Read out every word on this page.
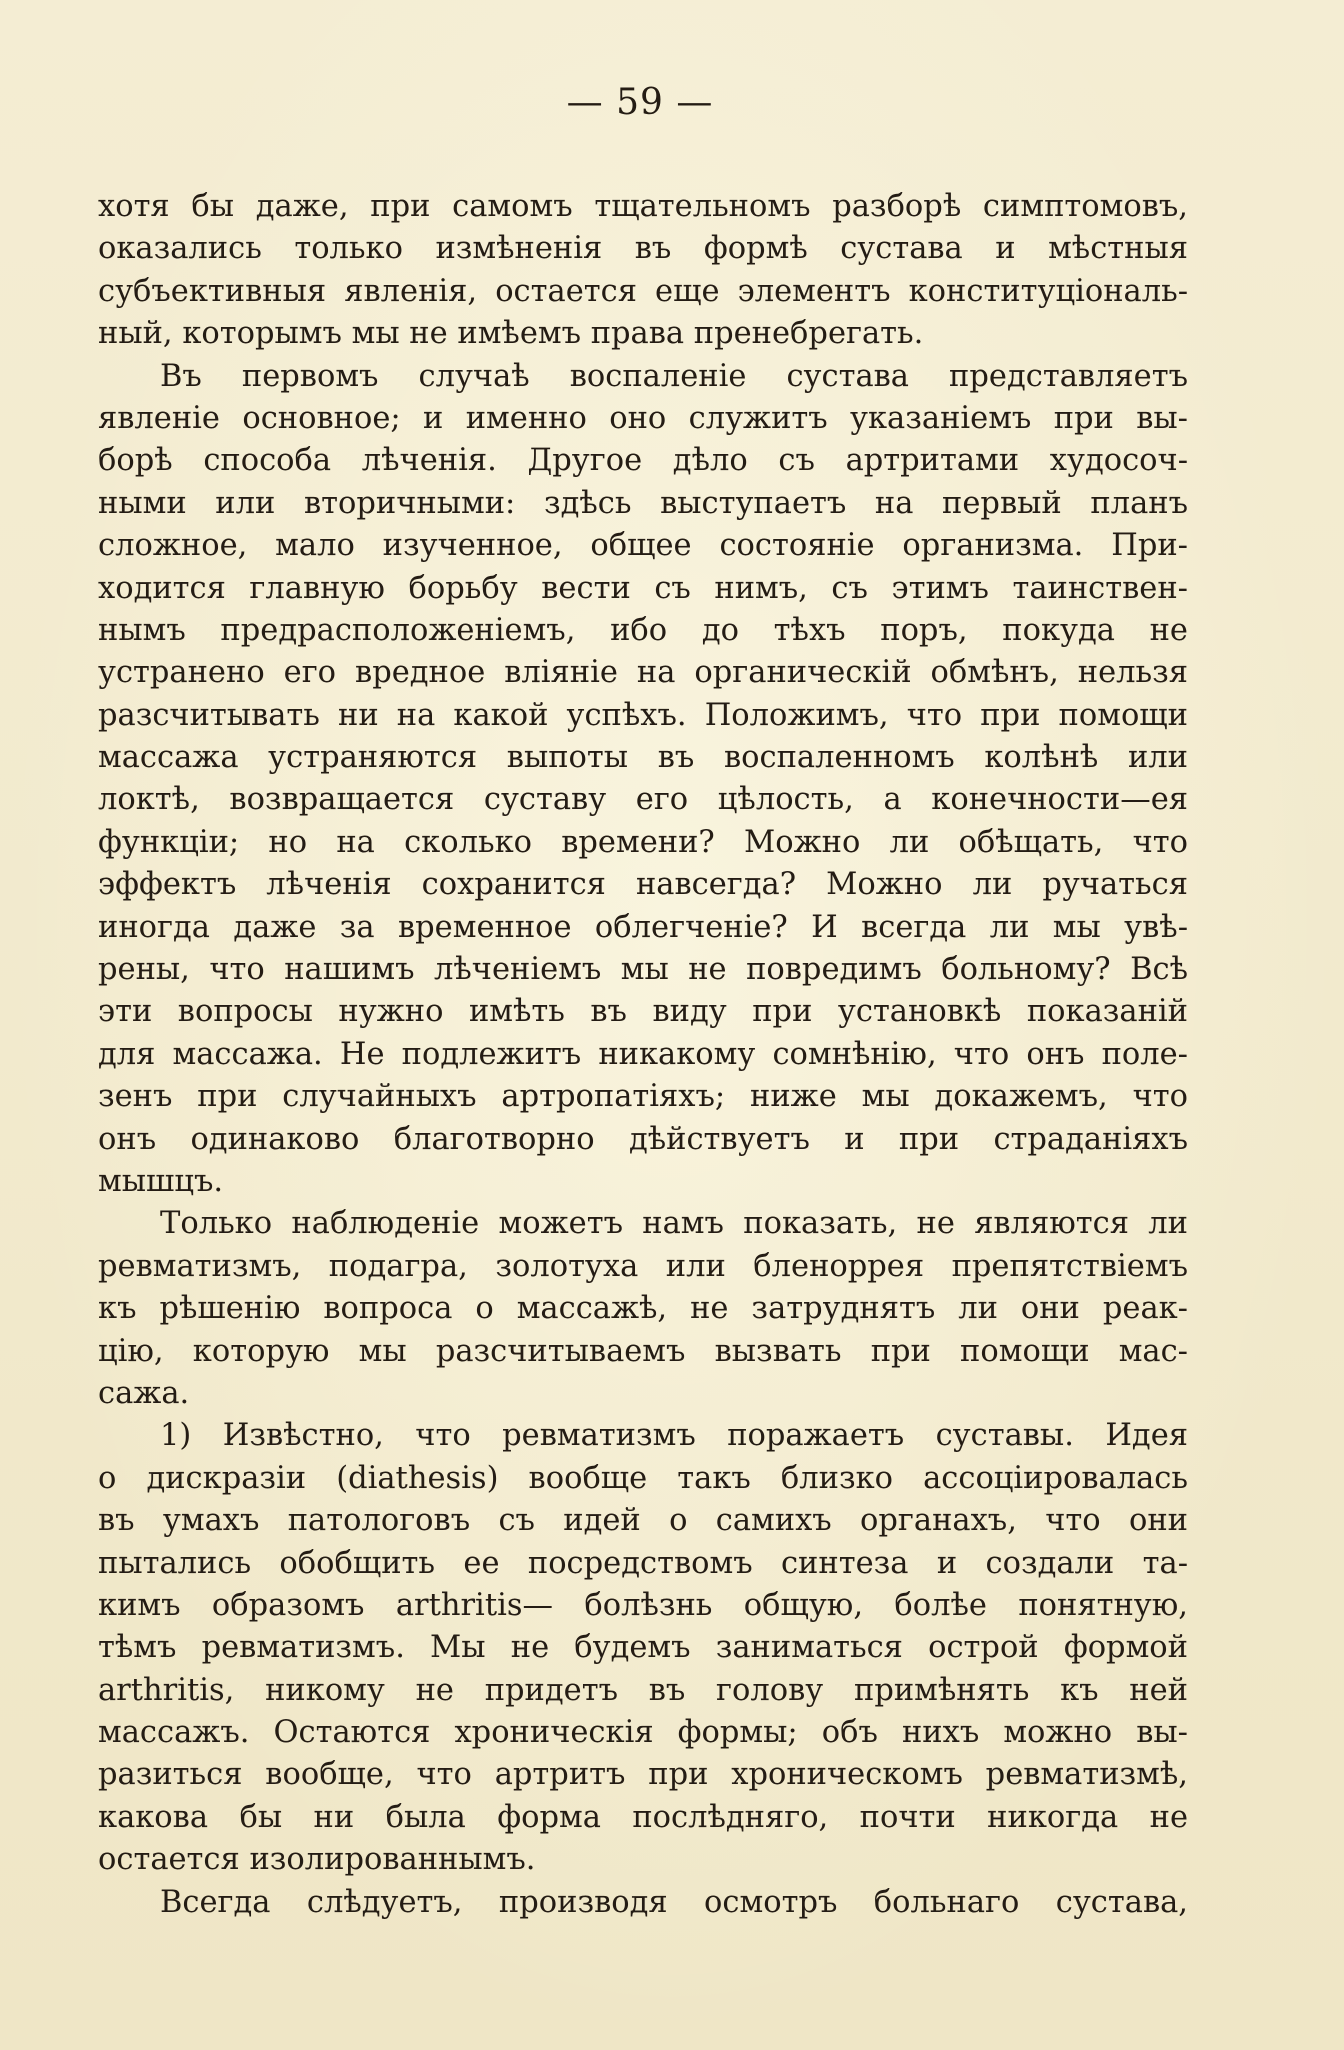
— 59 —
хотя бы даже, при самомъ тщательномъ разборѣ симптомовъ,
оказались только измѣненія въ формѣ сустава и мѣстныя
субъективныя явленія, остается еще элементъ конституціональ-
ный, которымъ мы не имѣемъ права пренебрегать.
Въ первомъ случаѣ воспаленіе сустава представляетъ
явленіе основное; и именно оно служитъ указаніемъ при вы-
борѣ способа лѣченія. Другое дѣло съ артритами худосоч-
ными или вторичными: здѣсь выступаетъ на первый планъ
сложное, мало изученное, общее состояніе организма. При-
ходится главную борьбу вести съ нимъ, съ этимъ таинствен-
нымъ предрасположеніемъ, ибо до тѣхъ поръ, покуда не
устранено его вредное вліяніе на органическій обмѣнъ, нельзя
разсчитывать ни на какой успѣхъ. Положимъ, что при помощи
массажа устраняются выпоты въ воспаленномъ колѣнѣ или
локтѣ, возвращается суставу его цѣлость, а конечности—ея
функціи; но на сколько времени? Можно ли обѣщать, что
эффектъ лѣченія сохранится навсегда? Можно ли ручаться
иногда даже за временное облегченіе? И всегда ли мы увѣ-
рены, что нашимъ лѣченіемъ мы не повредимъ больному? Всѣ
эти вопросы нужно имѣть въ виду при установкѣ показаній
для массажа. Не подлежитъ никакому сомнѣнію, что онъ поле-
зенъ при случайныхъ артропатіяхъ; ниже мы докажемъ, что
онъ одинаково благотворно дѣйствуетъ и при страданіяхъ
мышцъ.
Только наблюденіе можетъ намъ показать, не являются ли
ревматизмъ, подагра, золотуха или бленоррея препятствіемъ
къ рѣшенію вопроса о массажѣ, не затруднятъ ли они реак-
цію, которую мы разсчитываемъ вызвать при помощи мас-
сажа.
1) Извѣстно, что ревматизмъ поражаетъ суставы. Идея
о дискразіи (diathesis) вообще такъ близко ассоціировалась
въ умахъ патологовъ съ идей о самихъ органахъ, что они
пытались обобщить ее посредствомъ синтеза и создали та-
кимъ образомъ arthritis— болѣзнь общую, болѣе понятную,
тѣмъ ревматизмъ. Мы не будемъ заниматься острой формой
arthritis, никому не придетъ въ голову примѣнять къ ней
массажъ. Остаются хроническія формы; объ нихъ можно вы-
разиться вообще, что артритъ при хроническомъ ревматизмѣ,
какова бы ни была форма послѣдняго, почти никогда не
остается изолированнымъ.
Всегда слѣдуетъ, производя осмотръ больнаго сустава,
